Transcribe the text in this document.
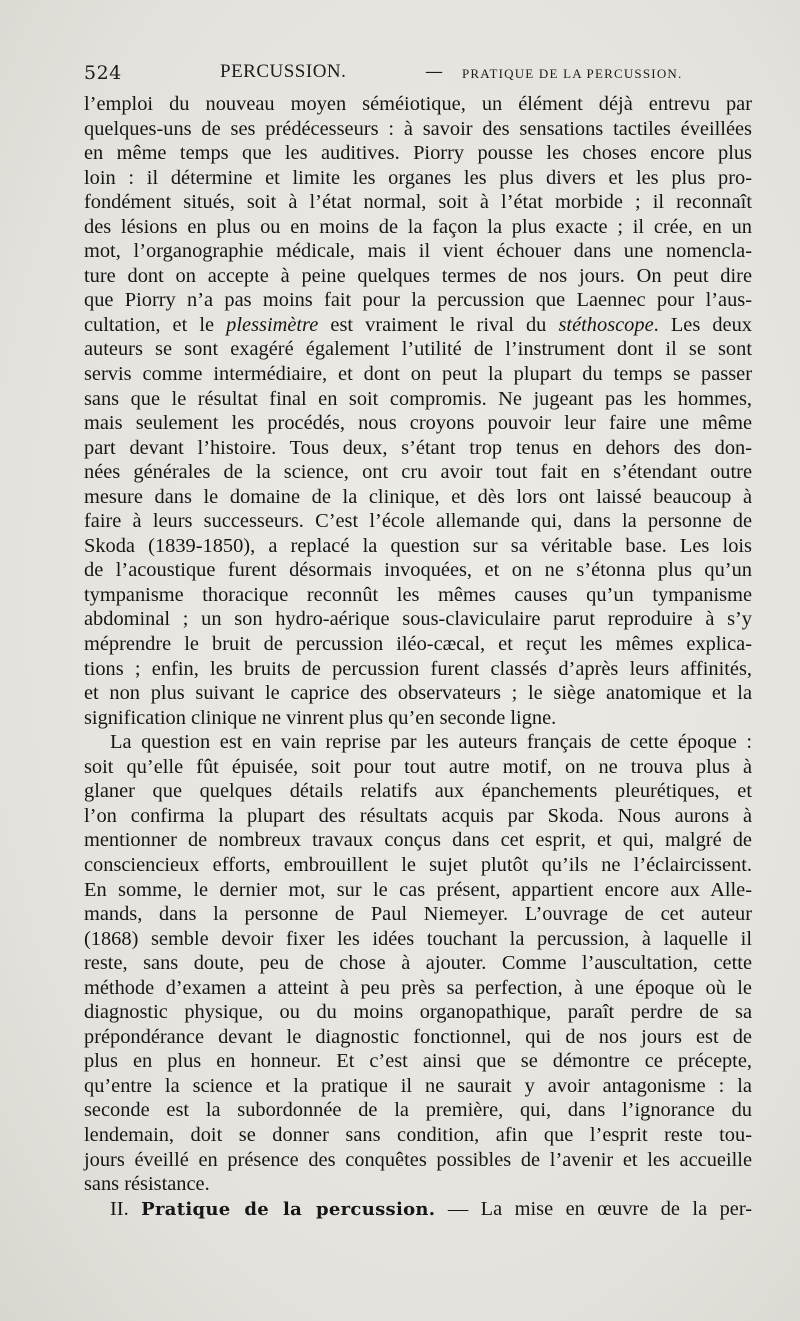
524	PERCUSSION.	— PRATIQUE DE LA PERCUSSION.
l’emploi du nouveau moyen séméiotique, un élément déjà entrevu par
quelques-uns de ses prédécesseurs : à savoir des sensations tactiles éveillées
en même temps que les auditives. Piorry pousse les choses encore plus
loin : il détermine et limite les organes les plus divers et les plus pro-
fondément situés, soit à l’état normal, soit à l’état morbide ; il reconnaît
des lésions en plus ou en moins de la façon la plus exacte ; il crée, en un
mot, l’organographie médicale, mais il vient échouer dans une nomencla-
ture dont on accepte à peine quelques termes de nos jours. On peut dire
que Piorry n’a pas moins fait pour la percussion que Laennec pour l’aus-
cultation, et le plessimètre est vraiment le rival du stéthoscope. Les deux
auteurs se sont exagéré également l’utilité de l’instrument dont il se sont
servis comme intermédiaire, et dont on peut la plupart du temps se passer
sans que le résultat final en soit compromis. Ne jugeant pas les hommes,
mais seulement les procédés, nous croyons pouvoir leur faire une même
part devant l’histoire. Tous deux, s’étant trop tenus en dehors des don-
nées générales de la science, ont cru avoir tout fait en s’étendant outre
mesure dans le domaine de la clinique, et dès lors ont laissé beaucoup à
faire à leurs successeurs. C’est l’école allemande qui, dans la personne de
Skoda (1839-1850), a replacé la question sur sa véritable base. Les lois
de l’acoustique furent désormais invoquées, et on ne s’étonna plus qu’un
tympanisme thoracique reconnût les mêmes causes qu’un tympanisme
abdominal ; un son hydro-aérique sous-claviculaire parut reproduire à s’y
méprendre le bruit de percussion iléo-cæcal, et reçut les mêmes explica-
tions ; enfin, les bruits de percussion furent classés d’après leurs affinités,
et non plus suivant le caprice des observateurs ; le siège anatomique et la
signification clinique ne vinrent plus qu’en seconde ligne.
La question est en vain reprise par les auteurs français de cette époque :
soit qu’elle fût épuisée, soit pour tout autre motif, on ne trouva plus à
glaner que quelques détails relatifs aux épanchements pleurétiques, et
l’on confirma la plupart des résultats acquis par Skoda. Nous aurons à
mentionner de nombreux travaux conçus dans cet esprit, et qui, malgré de
consciencieux efforts, embrouillent le sujet plutôt qu’ils ne l’éclaircissent.
En somme, le dernier mot, sur le cas présent, appartient encore aux Alle-
mands, dans la personne de Paul Niemeyer. L’ouvrage de cet auteur
(1868) semble devoir fixer les idées touchant la percussion, à laquelle il
reste, sans doute, peu de chose à ajouter. Comme l’auscultation, cette
méthode d’examen a atteint à peu près sa perfection, à une époque où le
diagnostic physique, ou du moins organopathique, paraît perdre de sa
prépondérance devant le diagnostic fonctionnel, qui de nos jours est de
plus en plus en honneur. Et c’est ainsi que se démontre ce précepte,
qu’entre la science et la pratique il ne saurait y avoir antagonisme : la
seconde est la subordonnée de la première, qui, dans l’ignorance du
lendemain, doit se donner sans condition, afin que l’esprit reste tou-
jours éveillé en présence des conquêtes possibles de l’avenir et les accueille
sans résistance.
II. Pratique de la percussion. — La mise en œuvre de la per-
